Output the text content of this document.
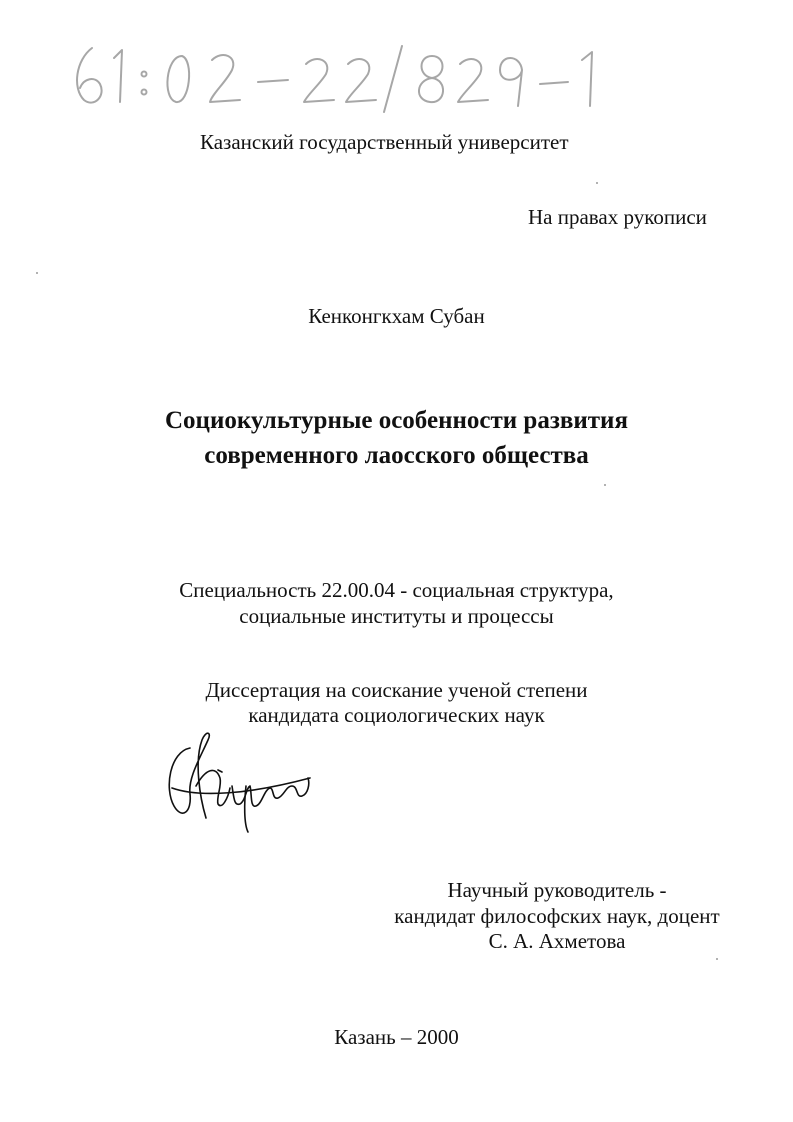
Казанский государственный университет
На правах рукописи
Кенконгкхам Субан
Социокультурные особенности развития
современного лаосского общества
Специальность 22.00.04 - социальная структура,
социальные институты и процессы
Диссертация на соискание ученой степени
кандидата социологических наук
Научный руководитель -
кандидат философских наук, доцент
С. А. Ахметова
Казань – 2000
